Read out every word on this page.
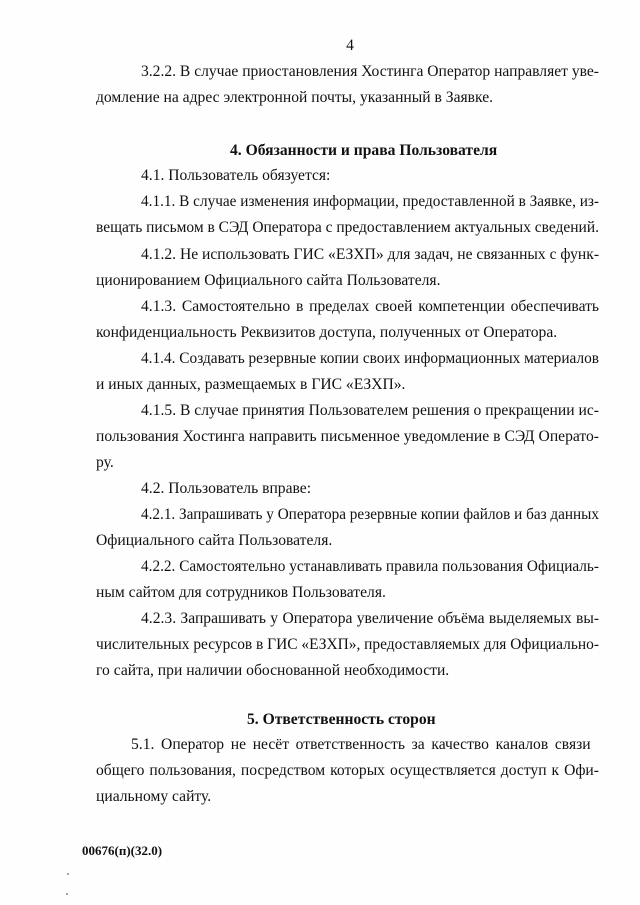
4
3.2.2. В случае приостановления Хостинга Оператор направляет уве-
домление на адрес электронной почты, указанный в Заявке.
4. Обязанности и права Пользователя
4.1. Пользователь обязуется:
4.1.1. В случае изменения информации, предоставленной в Заявке, из-
вещать письмом в СЭД Оператора с предоставлением актуальных сведений.
4.1.2. Не использовать ГИС «ЕЗХП» для задач, не связанных с функ-
ционированием Официального сайта Пользователя.
4.1.3. Самостоятельно в пределах своей компетенции обеспечивать
конфиденциальность Реквизитов доступа, полученных от Оператора.
4.1.4. Создавать резервные копии своих информационных материалов
и иных данных, размещаемых в ГИС «ЕЗХП».
4.1.5. В случае принятия Пользователем решения о прекращении ис-
пользования Хостинга направить письменное уведомление в СЭД Операто-
ру.
4.2. Пользователь вправе:
4.2.1. Запрашивать у Оператора резервные копии файлов и баз данных
Официального сайта Пользователя.
4.2.2. Самостоятельно устанавливать правила пользования Официаль-
ным сайтом для сотрудников Пользователя.
4.2.3. Запрашивать у Оператора увеличение объёма выделяемых вы-
числительных ресурсов в ГИС «ЕЗХП», предоставляемых для Официально-
го сайта, при наличии обоснованной необходимости.
5. Ответственность сторон
5.1. Оператор не несёт ответственность за качество каналов связи
общего пользования, посредством которых осуществляется доступ к Офи-
циальному сайту.
00676(п)(32.0)
